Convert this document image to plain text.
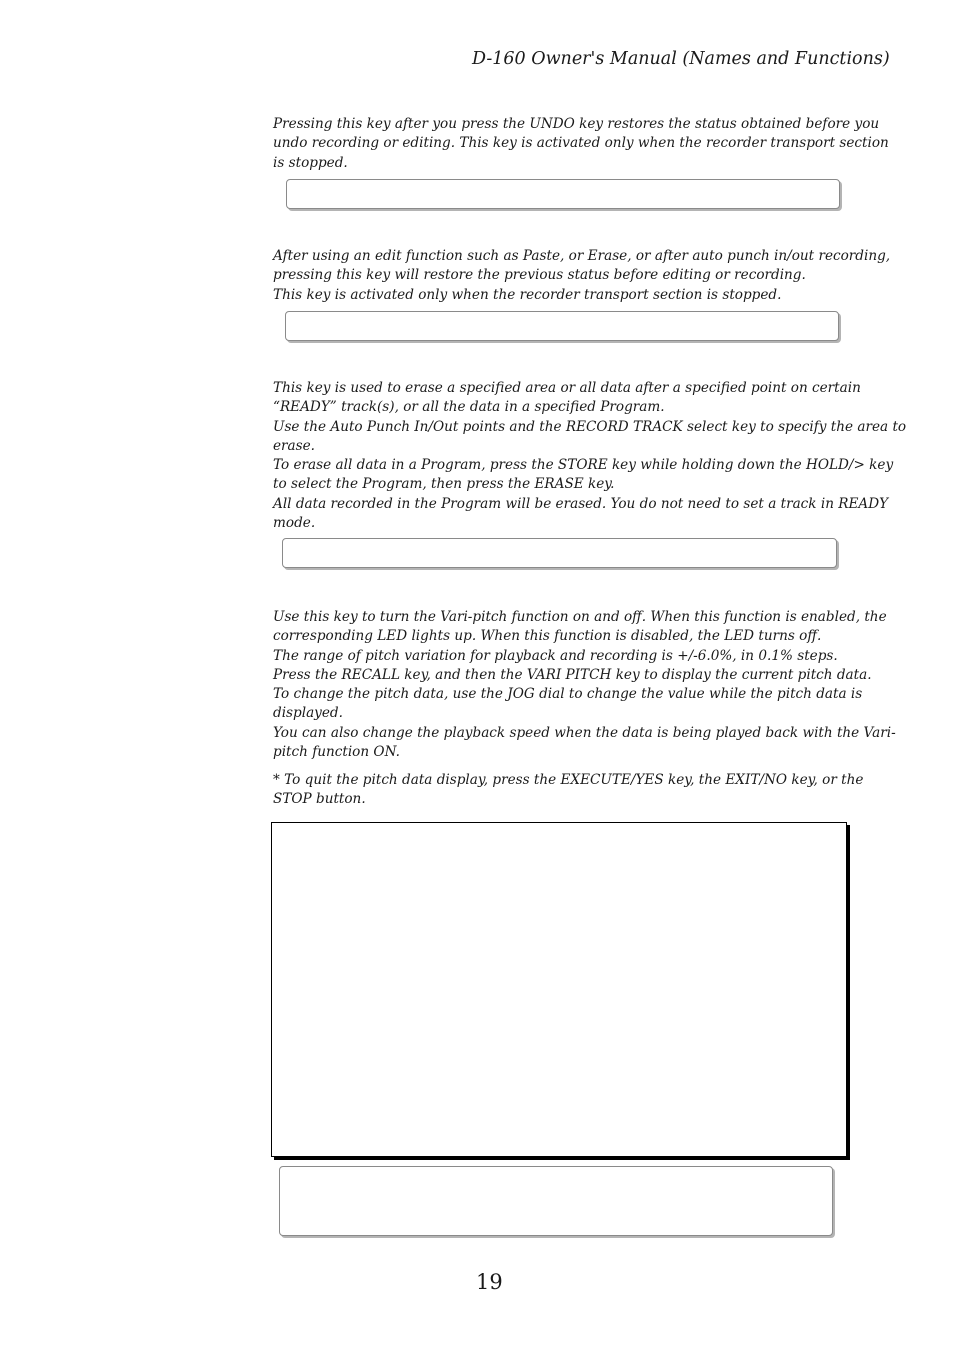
D-160 Owner's Manual (Names and Functions)
Pressing this key after you press the UNDO key restores the status obtained before you
undo recording or editing. This key is activated only when the recorder transport section
is stopped.
After using an edit function such as Paste, or Erase, or after auto punch in/out recording,
pressing this key will restore the previous status before editing or recording.
This key is activated only when the recorder transport section is stopped.
This key is used to erase a specified area or all data after a specified point on certain
“READY” track(s), or all the data in a specified Program.
Use the Auto Punch In/Out points and the RECORD TRACK select key to specify the area to
erase.
To erase all data in a Program, press the STORE key while holding down the HOLD/> key
to select the Program, then press the ERASE key.
All data recorded in the Program will be erased. You do not need to set a track in READY
mode.
Use this key to turn the Vari-pitch function on and off. When this function is enabled, the
corresponding LED lights up. When this function is disabled, the LED turns off.
The range of pitch variation for playback and recording is +/-6.0%, in 0.1% steps.
Press the RECALL key, and then the VARI PITCH key to display the current pitch data.
To change the pitch data, use the JOG dial to change the value while the pitch data is
displayed.
You can also change the playback speed when the data is being played back with the Vari-
pitch function ON.
* To quit the pitch data display, press the EXECUTE/YES key, the EXIT/NO key, or the
STOP button.
19
